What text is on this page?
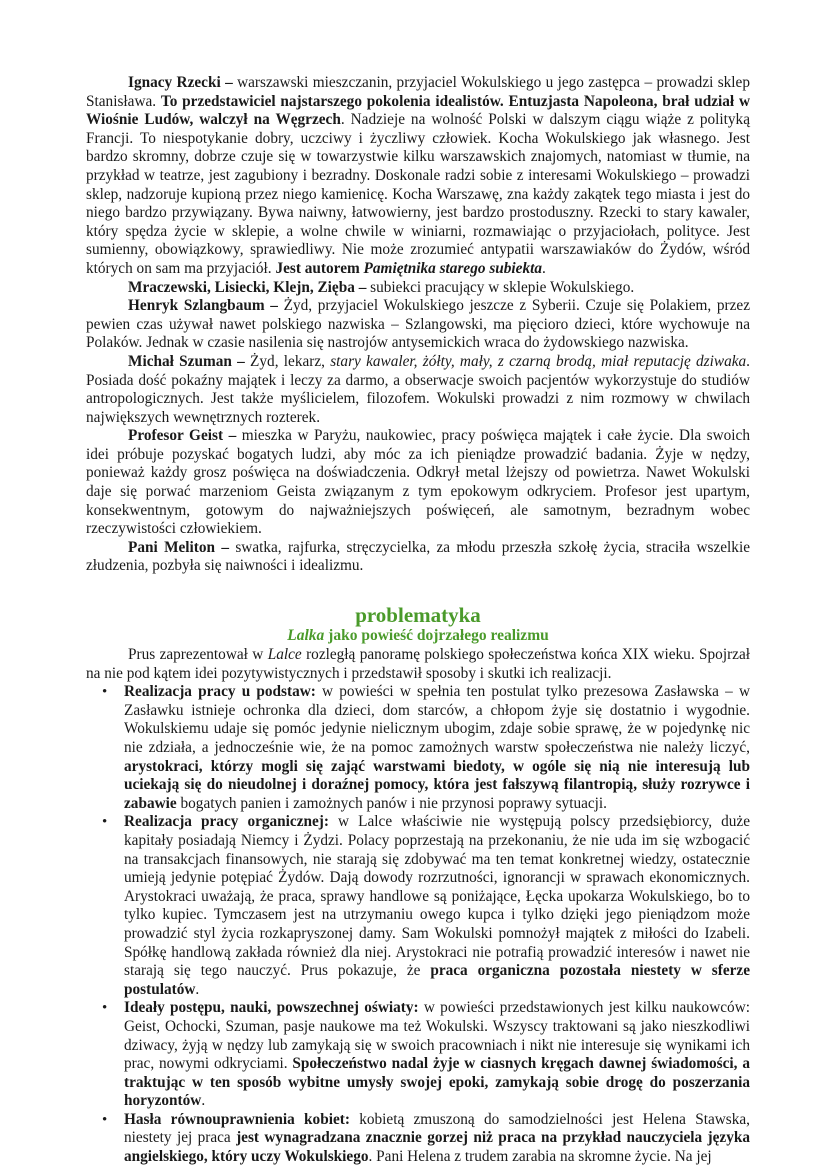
Ignacy Rzecki – warszawski mieszczanin, przyjaciel Wokulskiego u jego zastępca – prowadzi sklep Stanisława. To przedstawiciel najstarszego pokolenia idealistów. Entuzjasta Napoleona, brał udział w Wiośnie Ludów, walczył na Węgrzech. Nadzieje na wolność Polski w dalszym ciągu wiąże z polityką Francji. To niespotykanie dobry, uczciwy i życzliwy człowiek. Kocha Wokulskiego jak własnego. Jest bardzo skromny, dobrze czuje się w towarzystwie kilku warszawskich znajomych, natomiast w tłumie, na przykład w teatrze, jest zagubiony i bezradny. Doskonale radzi sobie z interesami Wokulskiego – prowadzi sklep, nadzoruje kupioną przez niego kamienicę. Kocha Warszawę, zna każdy zakątek tego miasta i jest do niego bardzo przywiązany. Bywa naiwny, łatwowierny, jest bardzo prostoduszny. Rzecki to stary kawaler, który spędza życie w sklepie, a wolne chwile w winiarni, rozmawiając o przyjaciołach, polityce. Jest sumienny, obowiązkowy, sprawiedliwy. Nie może zrozumieć antypatii warszawiaków do Żydów, wśród których on sam ma przyjaciół. Jest autorem Pamiętnika starego subiekta.

Mraczewski, Lisiecki, Klejn, Zięba – subiekci pracujący w sklepie Wokulskiego.

Henryk Szlangbaum – Żyd, przyjaciel Wokulskiego jeszcze z Syberii. Czuje się Polakiem, przez pewien czas używał nawet polskiego nazwiska – Szlangowski, ma pięcioro dzieci, które wychowuje na Polaków. Jednak w czasie nasilenia się nastrojów antysemickich wraca do żydowskiego nazwiska.

Michał Szuman – Żyd, lekarz, stary kawaler, żółty, mały, z czarną brodą, miał reputację dziwaka. Posiada dość pokaźny majątek i leczy za darmo, a obserwacje swoich pacjentów wykorzystuje do studiów antropologicznych. Jest także myślicielem, filozofem. Wokulski prowadzi z nim rozmowy w chwilach największych wewnętrznych rozterek.

Profesor Geist – mieszka w Paryżu, naukowiec, pracy poświęca majątek i całe życie. Dla swoich idei próbuje pozyskać bogatych ludzi, aby móc za ich pieniądze prowadzić badania. Żyje w nędzy, ponieważ każdy grosz poświęca na doświadczenia. Odkrył metal lżejszy od powietrza. Nawet Wokulski daje się porwać marzeniom Geista związanym z tym epokowym odkryciem. Profesor jest upartym, konsekwentnym, gotowym do najważniejszych poświęceń, ale samotnym, bezradnym wobec rzeczywistości człowiekiem.

Pani Meliton – swatka, rajfurka, stręczycielka, za młodu przeszła szkołę życia, straciła wszelkie złudzenia, pozbyła się naiwności i idealizmu.

problematyka
Lalka jako powieść dojrzałego realizmu

Prus zaprezentował w Lalce rozległą panoramę polskiego społeczeństwa końca XIX wieku. Spojrzał na nie pod kątem idei pozytywistycznych i przedstawił sposoby i skutki ich realizacji.

• Realizacja pracy u podstaw: w powieści w spełnia ten postulat tylko prezesowa Zasławska – w Zasławku istnieje ochronka dla dzieci, dom starców, a chłopom żyje się dostatnio i wygodnie. Wokulskiemu udaje się pomóc jedynie nielicznym ubogim, zdaje sobie sprawę, że w pojedynkę nic nie zdziała, a jednocześnie wie, że na pomoc zamożnych warstw społeczeństwa nie należy liczyć, arystokraci, którzy mogli się zająć warstwami biedoty, w ogóle się nią nie interesują lub uciekają się do nieudolnej i doraźnej pomocy, która jest fałszywą filantropią, służy rozrywce i zabawie bogatych panien i zamożnych panów i nie przynosi poprawy sytuacji.
• Realizacja pracy organicznej: w Lalce właściwie nie występują polscy przedsiębiorcy, duże kapitały posiadają Niemcy i Żydzi. Polacy poprzestają na przekonaniu, że nie uda im się wzbogacić na transakcjach finansowych, nie starają się zdobywać ma ten temat konkretnej wiedzy, ostatecznie umieją jedynie potępiać Żydów. Dają dowody rozrzutności, ignorancji w sprawach ekonomicznych. Arystokraci uważają, że praca, sprawy handlowe są poniżające, Łęcka upokarza Wokulskiego, bo to tylko kupiec. Tymczasem jest na utrzymaniu owego kupca i tylko dzięki jego pieniądzom może prowadzić styl życia rozkapryszonej damy. Sam Wokulski pomnożył majątek z miłości do Izabeli. Spółkę handlową zakłada również dla niej. Arystokraci nie potrafią prowadzić interesów i nawet nie starają się tego nauczyć. Prus pokazuje, że praca organiczna pozostała niestety w sferze postulatów.
• Ideały postępu, nauki, powszechnej oświaty: w powieści przedstawionych jest kilku naukowców: Geist, Ochocki, Szuman, pasje naukowe ma też Wokulski. Wszyscy traktowani są jako nieszkodliwi dziwacy, żyją w nędzy lub zamykają się w swoich pracowniach i nikt nie interesuje się wynikami ich prac, nowymi odkryciami. Społeczeństwo nadal żyje w ciasnych kręgach dawnej świadomości, a traktując w ten sposób wybitne umysły swojej epoki, zamykają sobie drogę do poszerzania horyzontów.
• Hasła równouprawnienia kobiet: kobietą zmuszoną do samodzielności jest Helena Stawska, niestety jej praca jest wynagradzana znacznie gorzej niż praca na przykład nauczyciela języka angielskiego, który uczy Wokulskiego. Pani Helena z trudem zarabia na skromne życie. Na jej
